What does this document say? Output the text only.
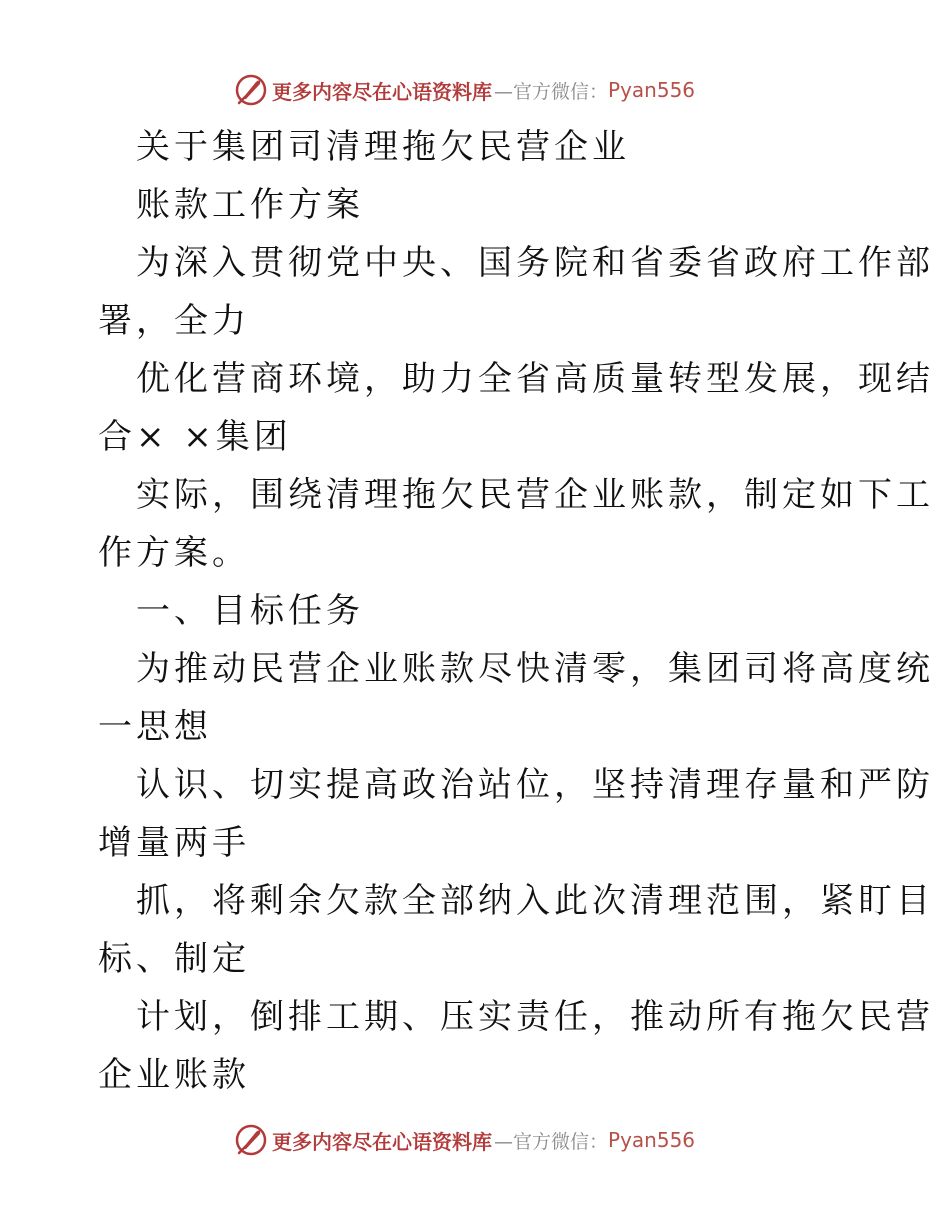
更多内容尽在心语资料库 —官方微信： Pyan556

关于集团司清理拖欠民营企业

账款工作方案

为深入贯彻党中央、国务院和省委省政府工作部

署，全力

优化营商环境，助力全省高质量转型发展，现结

合× ×集团

实际，围绕清理拖欠民营企业账款，制定如下工

作方案。

一、目标任务

为推动民营企业账款尽快清零，集团司将高度统

一思想

认识、切实提高政治站位，坚持清理存量和严防

增量两手

抓，将剩余欠款全部纳入此次清理范围，紧盯目

标、制定

计划，倒排工期、压实责任，推动所有拖欠民营

企业账款

更多内容尽在心语资料库 —官方微信： Pyan556
